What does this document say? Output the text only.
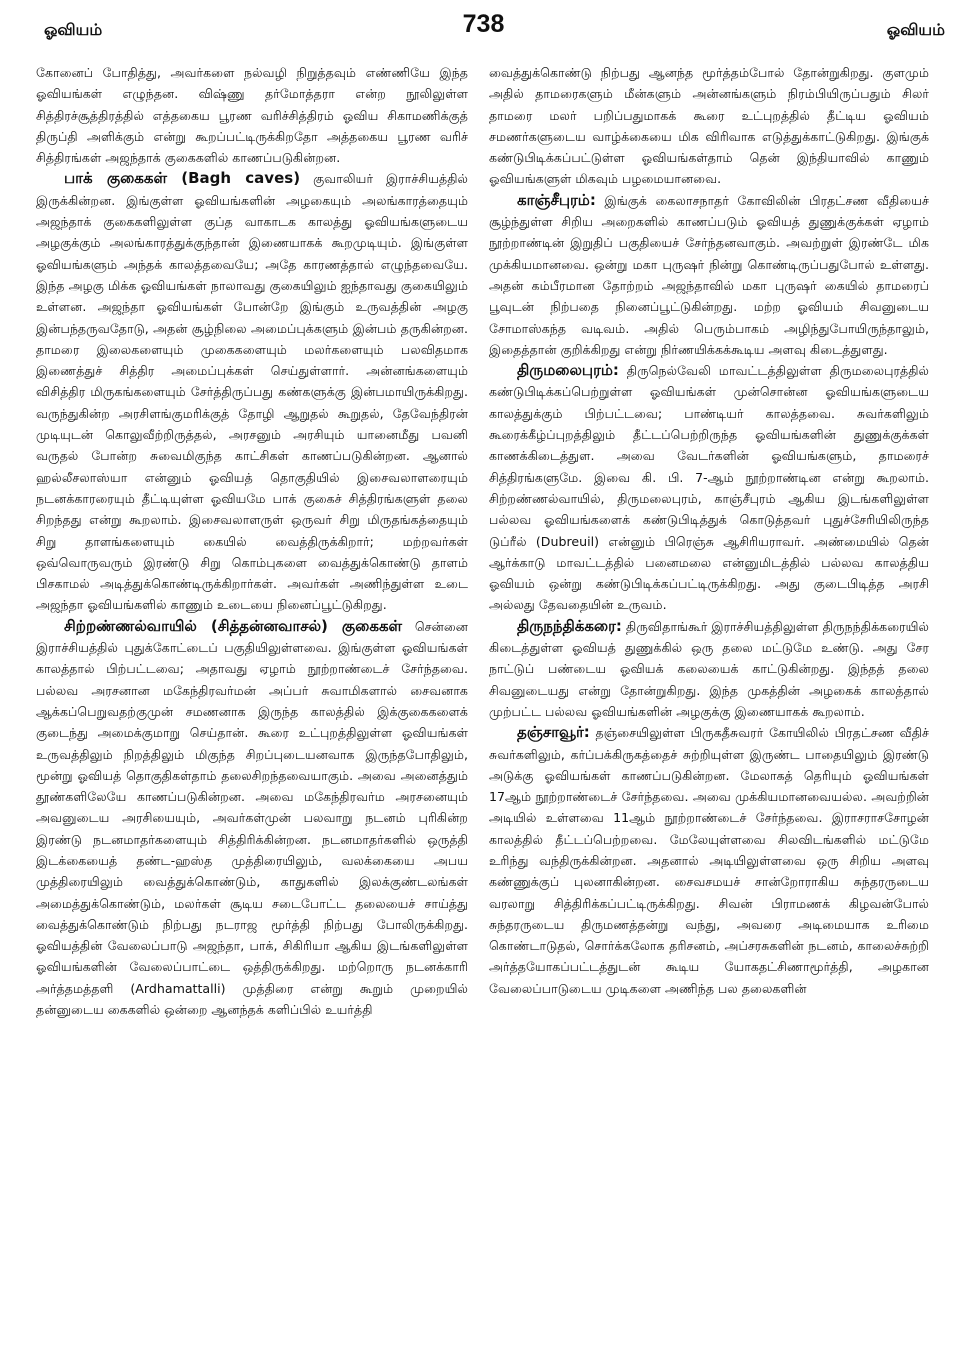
ஓவியம்	738	ஓவியம்

கோனைப் போதித்து, அவர்களை நல்வழி நிறுத்தவும் எண்ணியே இந்த ஓவியங்கள் எழுந்தன. விஷ்ணு தர்மோத்தரா என்ற நூலிலுள்ள சித்திரச்சூத்திரத்தில் எத்தகைய பூரண வரிச்சித்திரம் ஓவிய சிகாமணிக்குத் திருப்தி அளிக்கும் என்று கூறப்பட்டிருக்கிறதோ அத்தகைய பூரண வரிச் சித்திரங்கள் அஜந்தாக் குகைகளில் காணப்படுகின்றன.

பாக் குகைகள் (Bagh caves) குவாலியர் இராச்சியத்தில் இருக்கின்றன. இங்குள்ள ஓவியங்களின் அழகையும் அலங்காரத்தையும் அஜந்தாக் குகைகளிலுள்ள குப்த வாகாடக காலத்து ஓவியங்களுடைய அழகுக்கும் அலங்காரத்துக்குந்தான் இணையாகக் கூறமுடியும். இங்குள்ள ஓவியங்களும் அந்தக் காலத்தவையே; அதே காரணத்தால் எழுந்தவையே. இந்த அழகு மிக்க ஓவியங்கள் நாலாவது குகையிலும் ஐந்தாவது குகையிலும் உள்ளன. அஜந்தா ஓவியங்கள் போன்றே இங்கும் உருவத்தின் அழகு இன்பந்தருவதோடு, அதன் சூழ்நிலை அமைப்புக்களும் இன்பம் தருகின்றன. தாமரை இலைகளையும் முகைகளையும் மலர்களையும் பலவிதமாக இணைத்துச் சித்திர அமைப்புக்கள் செய்துள்ளார். அன்னங்களையும் விசித்திர மிருகங்களையும் சேர்த்திருப்பது கண்களுக்கு இன்பமாயிருக்கிறது. வருந்துகின்ற அரசிளங்குமரிக்குத் தோழி ஆறுதல் கூறுதல், தேவேந்திரன் முடியுடன் கொலுவீற்றிருத்தல், அரசனும் அரசியும் யானைமீது பவனி வருதல் போன்ற சுவைமிகுந்த காட்சிகள் காணப்படுகின்றன. ஆனால் ஹல்லீசலாஸ்யா என்னும் ஓவியத் தொகுதியில் இசைவலாளரையும் நடனக்காரரையும் தீட்டியுள்ள ஓவியமே பாக் குகைச் சித்திரங்களுள் தலை சிறந்தது என்று கூறலாம். இசைவலாளருள் ஒருவர் சிறு மிருதங்கத்தையும் சிறு தாளங்களையும் கையில் வைத்திருக்கிறார்; மற்றவர்கள் ஒவ்வொருவரும் இரண்டு சிறு கொம்புகளை வைத்துக்கொண்டு தாளம் பிசகாமல் அடித்துக்கொண்டிருக்கிறார்கள். அவர்கள் அணிந்துள்ள உடை அஜந்தா ஓவியங்களில் காணும் உடையை நினைப்பூட்டுகிறது.

சிற்றண்ணல்வாயில் (சித்தன்னவாசல்) குகைகள் சென்னை இராச்சியத்தில் புதுக்கோட்டைப் பகுதியிலுள்ளவை. இங்குள்ள ஓவியங்கள் காலத்தால் பிற்பட்டவை; அதாவது ஏழாம் நூற்றாண்டைச் சேர்ந்தவை. பல்லவ அரசனான மகேந்திரவர்மன் அப்பர் சுவாமிகளால் சைவனாக ஆக்கப்பெறுவதற்குமுன் சமணனாக இருந்த காலத்தில் இக்குகைகளைக் குடைந்து அமைக்குமாறு செய்தான். கூரை உட்புறத்திலுள்ள ஓவியங்கள் உருவத்திலும் நிறத்திலும் மிகுந்த சிறப்புடையனவாக இருந்தபோதிலும், மூன்று ஓவியத் தொகுதிகள்தாம் தலைசிறந்தவையாகும். அவை அனைத்தும் தூண்களிலேயே காணப்படுகின்றன. அவை மகேந்திரவர்ம அரசனையும் அவனுடைய அரசியையும், அவர்கள்முன் பலவாறு நடனம் புரிகின்ற இரண்டு நடனமாதர்களையும் சித்திரிக்கின்றன. நடனமாதர்களில் ஒருத்தி இடக்கையைத் தண்ட-ஹஸ்த முத்திரையிலும், வலக்கையை அபய முத்திரையிலும் வைத்துக்கொண்டும், காதுகளில் இலக்குண்டலங்கள் அமைத்துக்கொண்டும், மலர்கள் சூடிய சடைபோட்ட தலையைச் சாய்த்து வைத்துக்கொண்டும் நிற்பது நடராஜ மூர்த்தி நிற்பது போலிருக்கிறது. ஓவியத்தின் வேலைப்பாடு அஜந்தா, பாக், சிகிரியா ஆகிய இடங்களிலுள்ள ஓவியங்களின் வேலைப்பாட்டை ஒத்திருக்கிறது. மற்றொரு நடனக்காரி அர்த்தமத்தளி (Ardhamattalli) முத்திரை என்று கூறும் முறையில் தன்னுடைய கைகளில் ஒன்றை ஆனந்தக் களிப்பில் உயர்த்தி

வைத்துக்கொண்டு நிற்பது ஆனந்த மூர்த்தம்போல் தோன்றுகிறது. குளமும் அதில் தாமரைகளும் மீன்களும் அன்னங்களும் நிரம்பியிருப்பதும் சிலர் தாமரை மலர் பறிப்பதுமாகக் கூரை உட்புறத்தில் தீட்டிய ஓவியம் சமணர்களுடைய வாழ்க்கையை மிக விரிவாக எடுத்துக்காட்டுகிறது. இங்குக் கண்டுபிடிக்கப்பட்டுள்ள ஓவியங்கள்தாம் தென் இந்தியாவில் காணும் ஓவியங்களுள் மிகவும் பழமையானவை.

காஞ்சீபுரம்: இங்குக் கைலாசநாதர் கோவிலின் பிரதட்சண வீதியைச் சூழ்ந்துள்ள சிறிய அறைகளில் காணப்படும் ஓவியத் துணுக்குக்கள் ஏழாம் நூற்றாண்டின் இறுதிப் பகுதியைச் சேர்ந்தனவாகும். அவற்றுள் இரண்டே மிக முக்கியமானவை. ஒன்று மகா புருஷர் நின்று கொண்டிருப்பதுபோல் உள்ளது. அதன் கம்பீரமான தோற்றம் அஜந்தாவில் மகா புருஷர் கையில் தாமரைப் பூவுடன் நிற்பதை நினைப்பூட்டுகின்றது. மற்ற ஓவியம் சிவனுடைய சோமாஸ்கந்த வடிவம். அதில் பெரும்பாகம் அழிந்துபோயிருந்தாலும், இதைத்தான் குறிக்கிறது என்று நிர்ணயிக்கக்கூடிய அளவு கிடைத்துளது.

திருமலைபுரம்: திருநெல்வேலி மாவட்டத்திலுள்ள திருமலைபுரத்தில் கண்டுபிடிக்கப்பெற்றுள்ள ஓவியங்கள் முன்சொன்ன ஓவியங்களுடைய காலத்துக்கும் பிற்பட்டவை; பாண்டியர் காலத்தவை. சுவர்களிலும் கூரைக்கீழ்ப்புறத்திலும் தீட்டப்பெற்றிருந்த ஓவியங்களின் துணுக்குக்கள் காணக்கிடைத்துள. அவை வேடர்களின் ஓவியங்களும், தாமரைச் சித்திரங்களுமே. இவை கி. பி. 7-ஆம் நூற்றாண்டின என்று கூறலாம். சிற்றண்ணல்வாயில், திருமலைபுரம், காஞ்சீபுரம் ஆகிய இடங்களிலுள்ள பல்லவ ஓவியங்களைக் கண்டுபிடித்துக் கொடுத்தவர் புதுச்சேரியிலிருந்த டுப்ரீல் (Dubreuil) என்னும் பிரெஞ்சு ஆசிரியராவர். அண்மையில் தென் ஆர்க்காடு மாவட்டத்தில் பனைமலை என்னுமிடத்தில் பல்லவ காலத்திய ஓவியம் ஒன்று கண்டுபிடிக்கப்பட்டிருக்கிறது. அது குடைபிடித்த அரசி அல்லது தேவதையின் உருவம்.

திருநந்திக்கரை: திருவிதாங்கூர் இராச்சியத்திலுள்ள திருநந்திக்கரையில் கிடைத்துள்ள ஓவியத் துணுக்கில் ஒரு தலை மட்டுமே உண்டு. அது சேர நாட்டுப் பண்டைய ஓவியக் கலையைக் காட்டுகின்றது. இந்தத் தலை சிவனுடையது என்று தோன்றுகிறது. இந்த முகத்தின் அழகைக் காலத்தால் முற்பட்ட பல்லவ ஓவியங்களின் அழகுக்கு இணையாகக் கூறலாம்.

தஞ்சாவூர்: தஞ்சையிலுள்ள பிருகதீசுவரர் கோயிலில் பிரதட்சண வீதிச் சுவர்களிலும், கர்ப்பக்கிருகத்தைச் சுற்றியுள்ள இருண்ட பாதையிலும் இரண்டு அடுக்கு ஓவியங்கள் காணப்படுகின்றன. மேலாகத் தெரியும் ஓவியங்கள் 17ஆம் நூற்றாண்டைச் சேர்ந்தவை. அவை முக்கியமானவையல்ல. அவற்றின் அடியில் உள்ளவை 11ஆம் நூற்றாண்டைச் சேர்ந்தவை. இராசராசசோழன் காலத்தில் தீட்டப்பெற்றவை. மேலேயுள்ளவை சிலவிடங்களில் மட்டுமே உரிந்து வந்திருக்கின்றன. அதனால் அடியிலுள்ளவை ஒரு சிறிய அளவு கண்ணுக்குப் புலனாகின்றன. சைவசமயச் சான்றோராகிய சுந்தரருடைய வரலாறு சித்திரிக்கப்பட்டிருக்கிறது. சிவன் பிராமணக் கிழவன்போல் சுந்தரருடைய திருமணத்தன்று வந்து, அவரை அடிமையாக உரிமை கொண்டாடுதல், சொர்க்கலோக தரிசனம், அப்சரசுகளின் நடனம், காலைச்சுற்றி அர்த்தயோகப்பட்டத்துடன் கூடிய யோகதட்சிணாமூர்த்தி, அழகான வேலைப்பாடுடைய முடிகளை அணிந்த பல தலைகளின்
